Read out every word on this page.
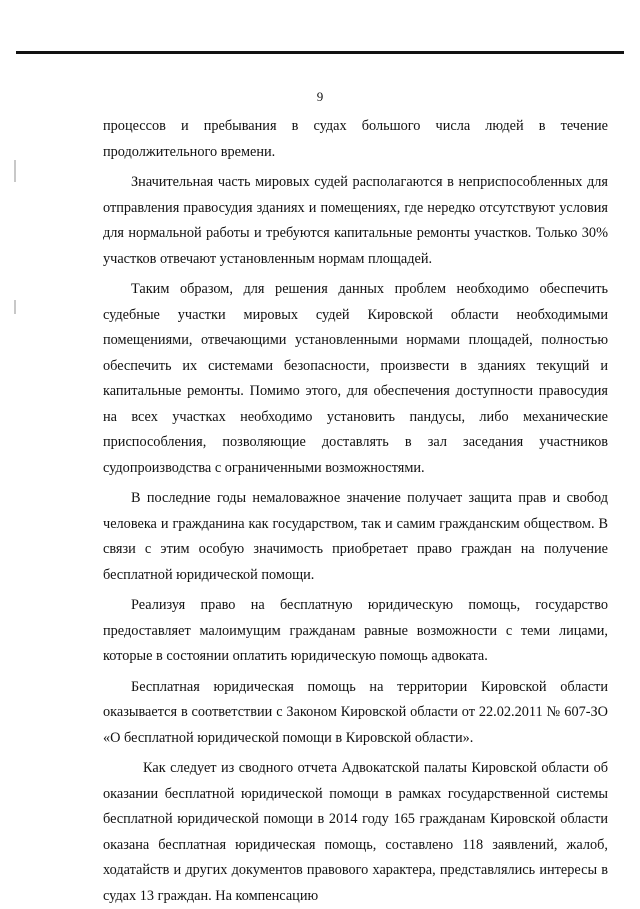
9

процессов и пребывания в судах большого числа людей в течение продолжительного времени.

Значительная часть мировых судей располагаются в неприспособленных для отправления правосудия зданиях и помещениях, где нередко отсутствуют условия для нормальной работы и требуются капитальные ремонты участков. Только 30% участков отвечают установленным нормам площадей.

Таким образом, для решения данных проблем необходимо обеспечить судебные участки мировых судей Кировской области необходимыми помещениями, отвечающими установленными нормами площадей, полностью обеспечить их системами безопасности, произвести в зданиях текущий и капитальные ремонты. Помимо этого, для обеспечения доступности правосудия на всех участках необходимо установить пандусы, либо механические приспособления, позволяющие доставлять в зал заседания участников судопроизводства с ограниченными возможностями.

В последние годы немаловажное значение получает защита прав и свобод человека и гражданина как государством, так и самим гражданским обществом. В связи с этим особую значимость приобретает право граждан на получение бесплатной юридической помощи.

Реализуя право на бесплатную юридическую помощь, государство предоставляет малоимущим гражданам равные возможности с теми лицами, которые в состоянии оплатить юридическую помощь адвоката.

Бесплатная юридическая помощь на территории Кировской области оказывается в соответствии с Законом Кировской области от 22.02.2011 № 607-ЗО «О бесплатной юридической помощи в Кировской области».

Как следует из сводного отчета Адвокатской палаты Кировской области об оказании бесплатной юридической помощи в рамках государственной системы бесплатной юридической помощи в 2014 году 165 гражданам Кировской области оказана бесплатная юридическая помощь, составлено 118 заявлений, жалоб, ходатайств и других документов правового характера, представлялись интересы в судах 13 граждан. На компенсацию
